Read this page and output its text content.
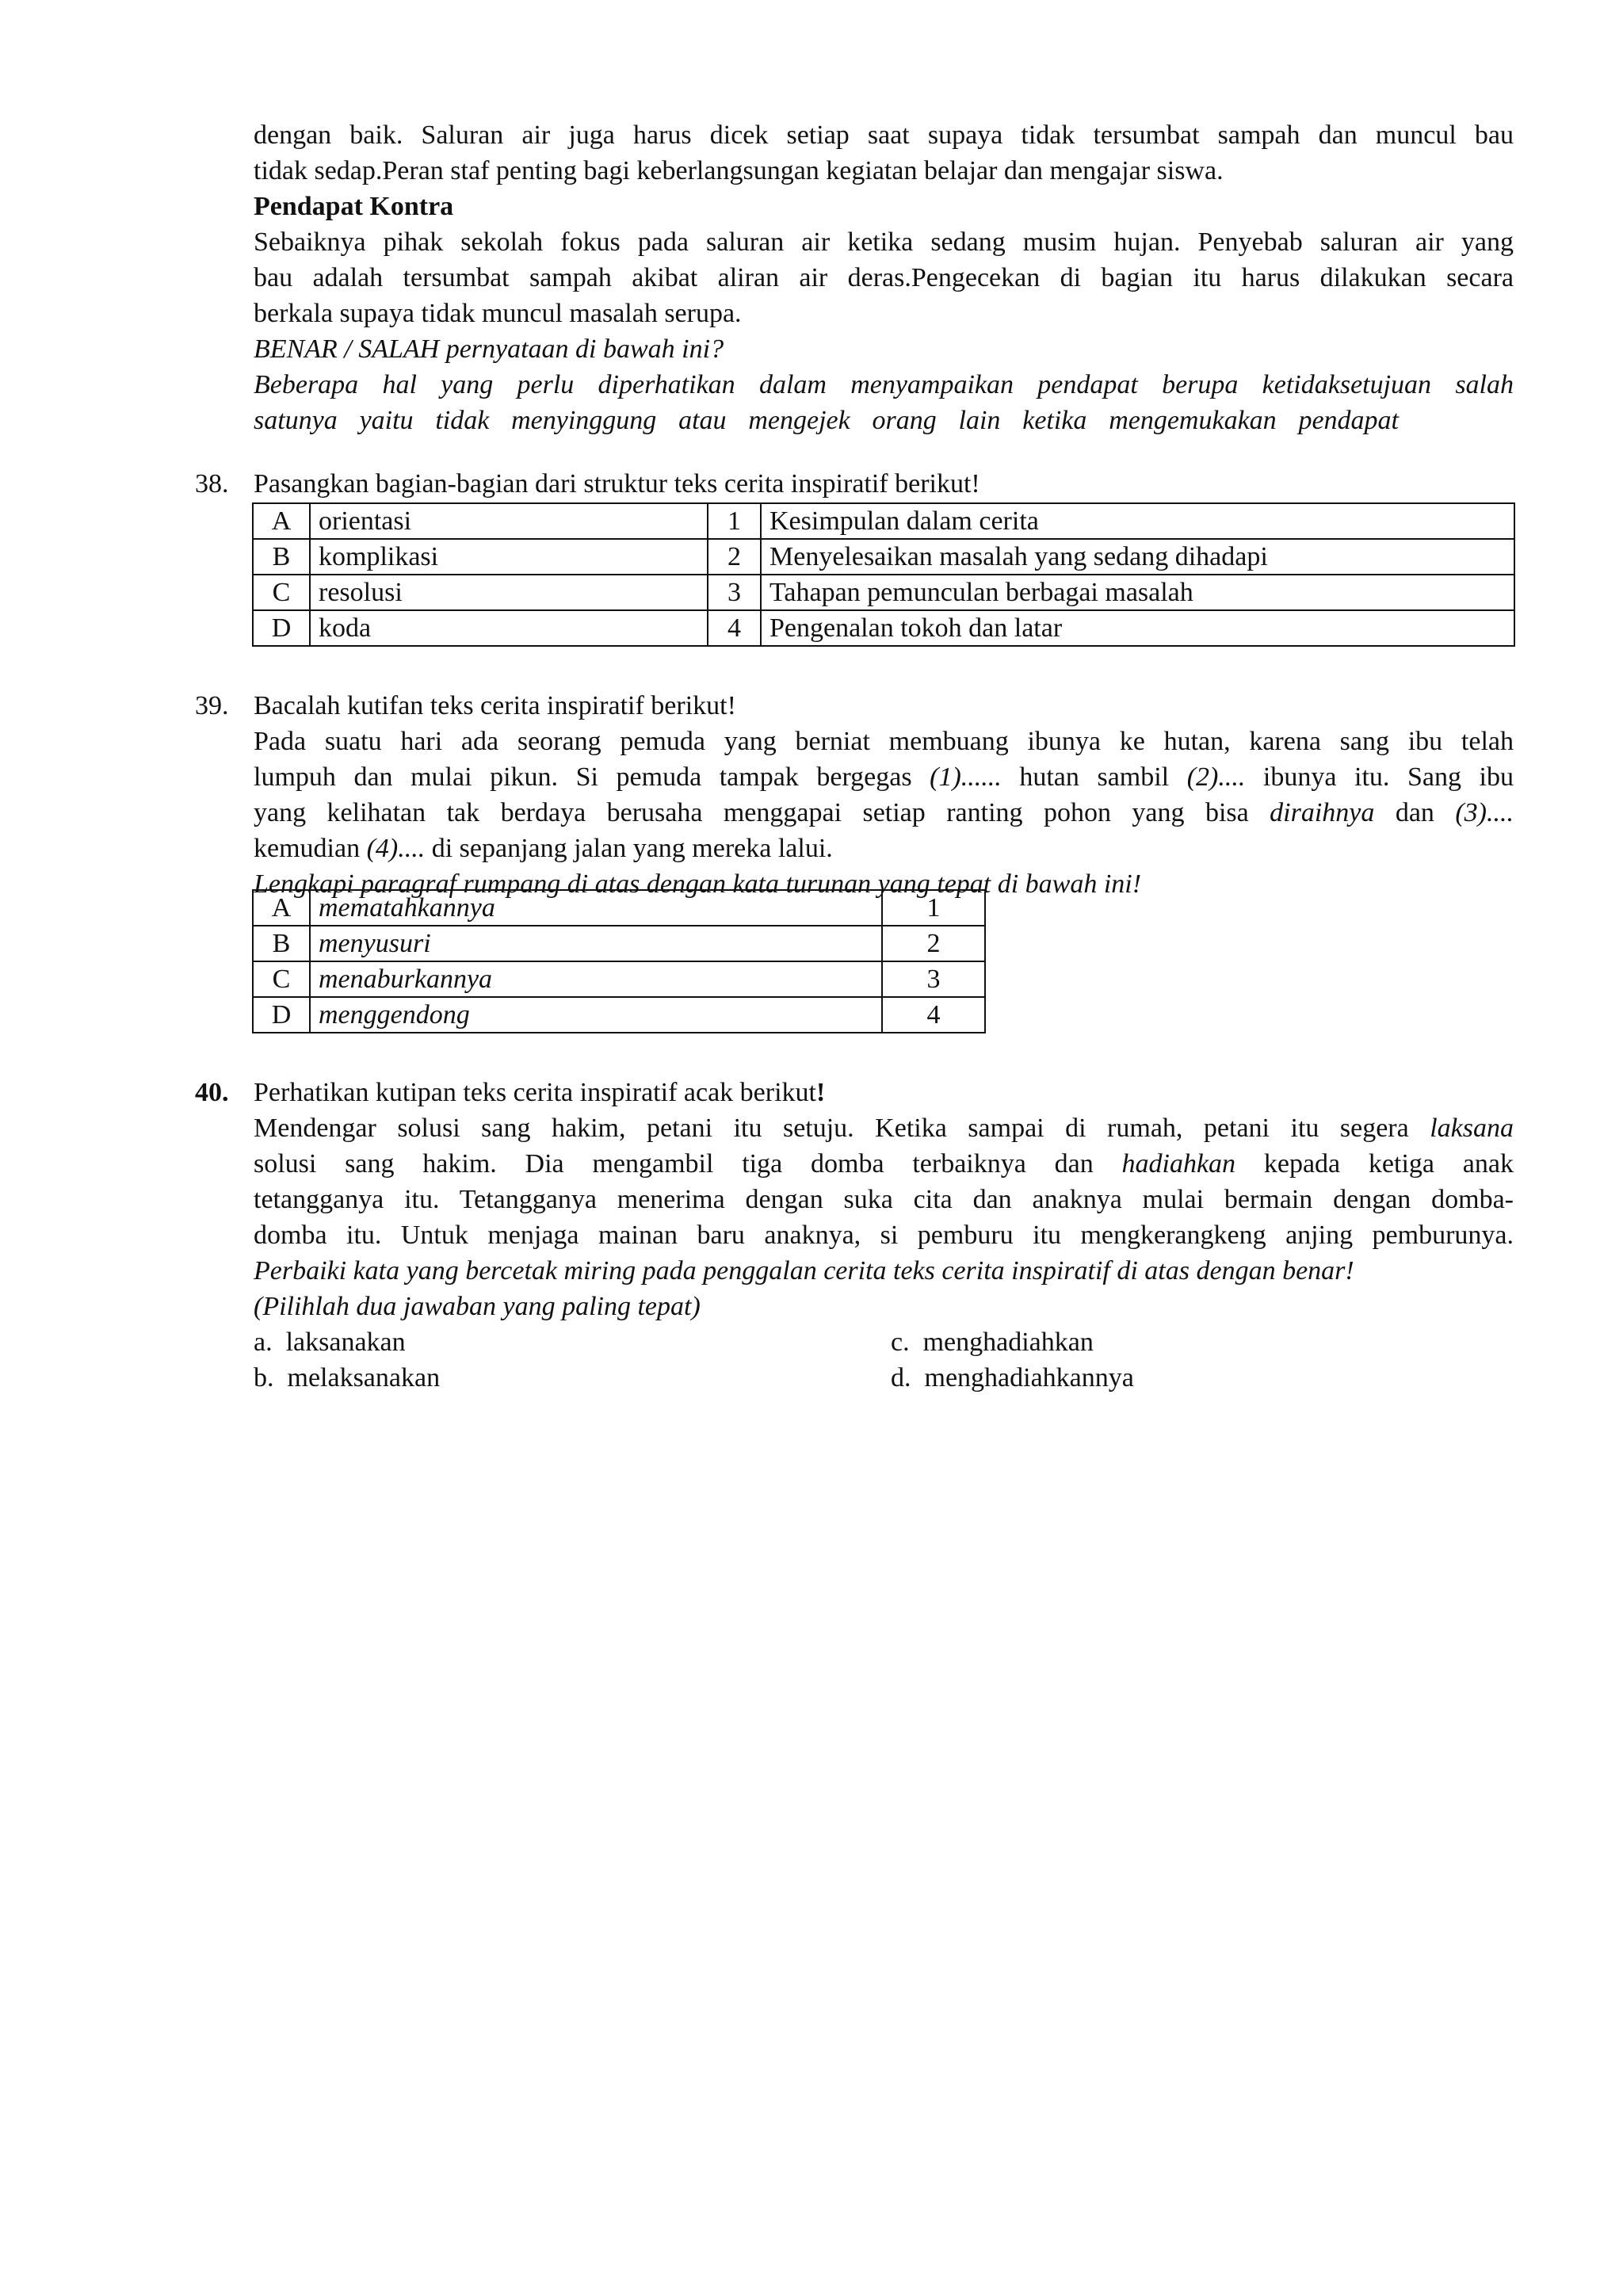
dengan baik. Saluran air juga harus dicek setiap saat supaya tidak tersumbat sampah dan muncul bau

tidak sedap.Peran staf penting bagi keberlangsungan kegiatan belajar dan mengajar siswa.

Pendapat Kontra

Sebaiknya pihak sekolah fokus pada saluran air ketika sedang musim hujan. Penyebab saluran air yang

bau adalah tersumbat sampah akibat aliran air deras.Pengecekan di bagian itu harus dilakukan secara

berkala supaya tidak muncul masalah serupa.

BENAR / SALAH pernyataan di bawah ini?

Beberapa hal yang perlu diperhatikan dalam menyampaikan pendapat berupa ketidaksetujuan salah

satunya yaitu tidak menyinggung atau mengejek orang lain ketika mengemukakan pendapat

38. Pasangkan bagian-bagian dari struktur teks cerita inspiratif berikut!

A	orientasi	1	Kesimpulan dalam cerita
B	komplikasi	2	Menyelesaikan masalah yang sedang dihadapi
C	resolusi	3	Tahapan pemunculan berbagai masalah
D	koda	4	Pengenalan tokoh dan latar
39. Bacalah kutifan teks cerita inspiratif berikut!

Pada suatu hari ada seorang pemuda yang berniat membuang ibunya ke hutan, karena sang ibu telah

lumpuh dan mulai pikun. Si pemuda tampak bergegas (1)...... hutan sambil (2).... ibunya itu. Sang ibu

yang kelihatan tak berdaya berusaha menggapai setiap ranting pohon yang bisa diraihnya dan (3)....

kemudian (4).... di sepanjang jalan yang mereka lalui.

Lengkapi paragraf rumpang di atas dengan kata turunan yang tepat di bawah ini!

A	mematahkannya	1
B	menyusuri	2
C	menaburkannya	3
D	menggendong	4
40. Perhatikan kutipan teks cerita inspiratif acak berikut!

Mendengar solusi sang hakim, petani itu setuju. Ketika sampai di rumah, petani itu segera laksana

solusi sang hakim. Dia mengambil tiga domba terbaiknya dan hadiahkan kepada ketiga anak

tetangganya itu. Tetangganya menerima dengan suka cita dan anaknya mulai bermain dengan domba-

domba itu. Untuk menjaga mainan baru anaknya, si pemburu itu mengkerangkeng anjing pemburunya.

Perbaiki kata yang bercetak miring pada penggalan cerita teks cerita inspiratif di atas dengan benar!

(Pilihlah dua jawaban yang paling tepat)

a. laksanakan
b. melaksanakan
c. menghadiahkan
d. menghadiahkannya
